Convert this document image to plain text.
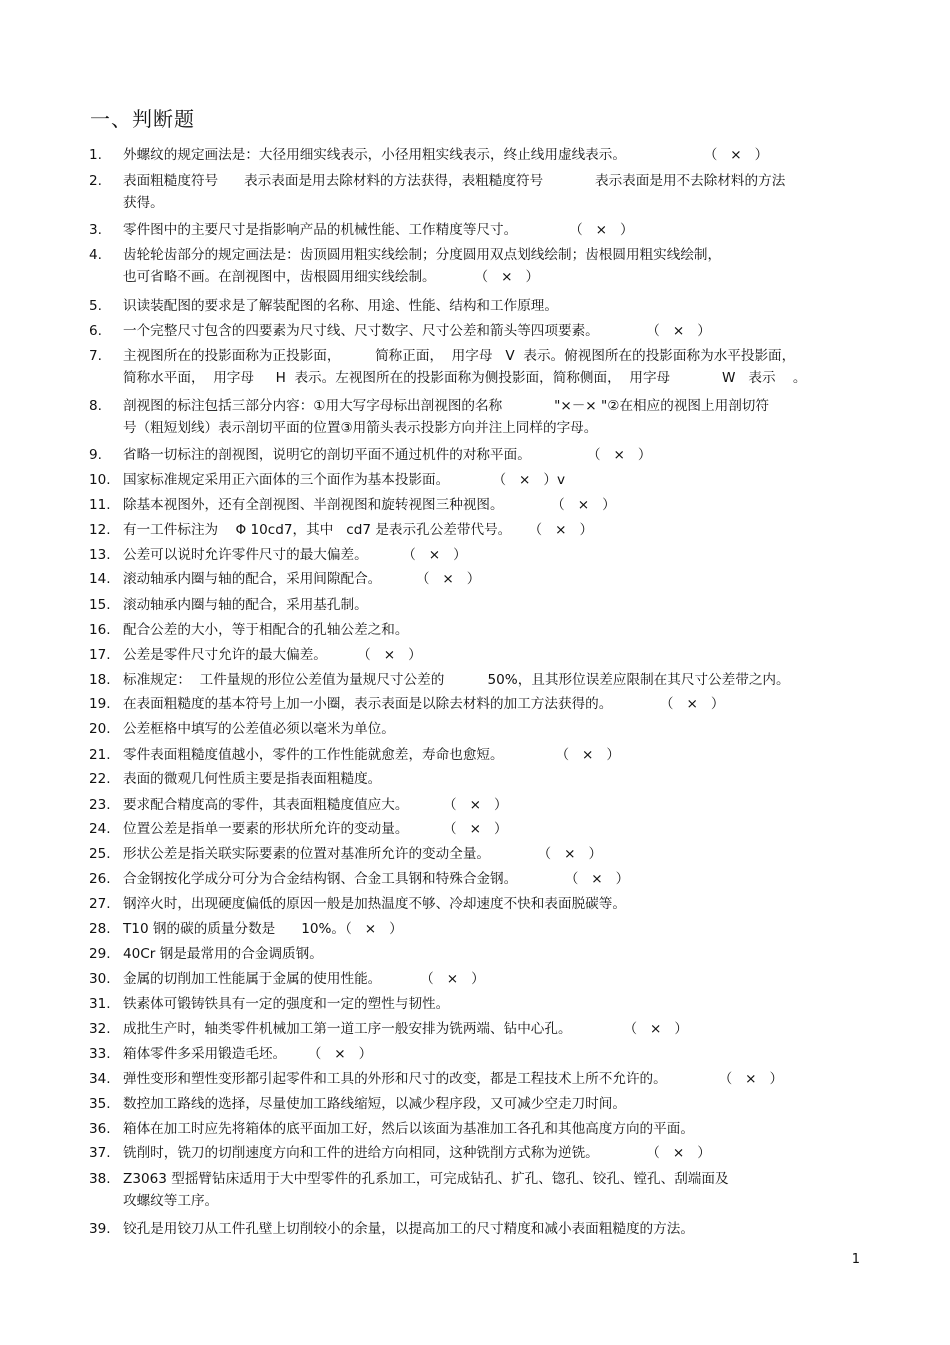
一、判断题
1.	外螺纹的规定画法是：大径用细实线表示，小径用粗实线表示，终止线用虚线表示。                  （   ×   ）
2.	表面粗糙度符号      表示表面是用去除材料的方法获得，表粗糙度符号            表示表面是用不去除材料的方法
获得。
3.	零件图中的主要尺寸是指影响产品的机械性能、工作精度等尺寸。            （   ×   ）
4.	齿轮轮齿部分的规定画法是：齿顶圆用粗实线绘制；分度圆用双点划线绘制；齿根圆用粗实线绘制，
也可省略不画。在剖视图中，齿根圆用细实线绘制。         （   ×   ）
5.	识读装配图的要求是了解装配图的名称、用途、性能、结构和工作原理。
6.	一个完整尺寸包含的四要素为尺寸线、尺寸数字、尺寸公差和箭头等四项要素。           （   ×   ）
7.	主视图所在的投影面称为正投影面，        简称正面，  用字母   V  表示。俯视图所在的投影面称为水平投影面，
简称水平面，  用字母     H  表示。左视图所在的投影面称为侧投影面，简称侧面，  用字母            W   表示    。
8.	剖视图的标注包括三部分内容：①用大写字母标出剖视图的名称            "×－× "②在相应的视图上用剖切符
号（粗短划线）表示剖切平面的位置③用箭头表示投影方向并注上同样的字母。
9.	省略一切标注的剖视图，说明它的剖切平面不通过机件的对称平面。             （   ×   ）
10. 国家标准规定采用正六面体的三个面作为基本投影面。          （   ×   ）v
11. 除基本视图外，还有全剖视图、半剖视图和旋转视图三种视图。           （   ×   ）
12. 有一工件标注为    Φ 10cd7，其中   cd7 是表示孔公差带代号。    （   ×   ）
13. 公差可以说时允许零件尺寸的最大偏差。        （   ×   ）
14. 滚动轴承内圈与轴的配合，采用间隙配合。        （   ×   ）
15. 滚动轴承内圈与轴的配合，采用基孔制。
16. 配合公差的大小，等于相配合的孔轴公差之和。
17. 公差是零件尺寸允许的最大偏差。       （   ×   ）
18. 标准规定：  工件量规的形位公差值为量规尺寸公差的          50%，且其形位误差应限制在其尺寸公差带之内。
19. 在表面粗糙度的基本符号上加一小圈，表示表面是以除去材料的加工方法获得的。           （   ×   ）
20. 公差框格中填写的公差值必须以毫米为单位。
21. 零件表面粗糙度值越小，零件的工作性能就愈差，寿命也愈短。            （   ×   ）
22. 表面的微观几何性质主要是指表面粗糙度。
23. 要求配合精度高的零件，其表面粗糙度值应大。        （   ×   ）
24. 位置公差是指单一要素的形状所允许的变动量。        （   ×   ）
25. 形状公差是指关联实际要素的位置对基准所允许的变动全量。           （   ×   ）
26. 合金钢按化学成分可分为合金结构钢、合金工具钢和特殊合金钢。           （   ×   ）
27. 钢淬火时，出现硬度偏低的原因一般是加热温度不够、冷却速度不快和表面脱碳等。
28. T10 钢的碳的质量分数是      10%。（   ×   ）
29. 40Cr 钢是最常用的合金调质钢。
30. 金属的切削加工性能属于金属的使用性能。         （   ×   ）
31. 铁素体可锻铸铁具有一定的强度和一定的塑性与韧性。
32. 成批生产时，轴类零件机械加工第一道工序一般安排为铣两端、钻中心孔。            （   ×   ）
33. 箱体零件多采用锻造毛坯。     （   ×   ）
34. 弹性变形和塑性变形都引起零件和工具的外形和尺寸的改变，都是工程技术上所不允许的。            （   ×   ）
35. 数控加工路线的选择，尽量使加工路线缩短，以减少程序段，又可减少空走刀时间。
36. 箱体在加工时应先将箱体的底平面加工好，然后以该面为基准加工各孔和其他高度方向的平面。
37. 铣削时，铣刀的切削速度方向和工件的进给方向相同，这种铣削方式称为逆铣。           （   ×   ）
38. Z3063 型摇臂钻床适用于大中型零件的孔系加工，可完成钻孔、扩孔、锪孔、铰孔、镗孔、刮端面及
攻螺纹等工序。
39. 铰孔是用铰刀从工件孔壁上切削较小的余量，以提高加工的尺寸精度和减小表面粗糙度的方法。
1
